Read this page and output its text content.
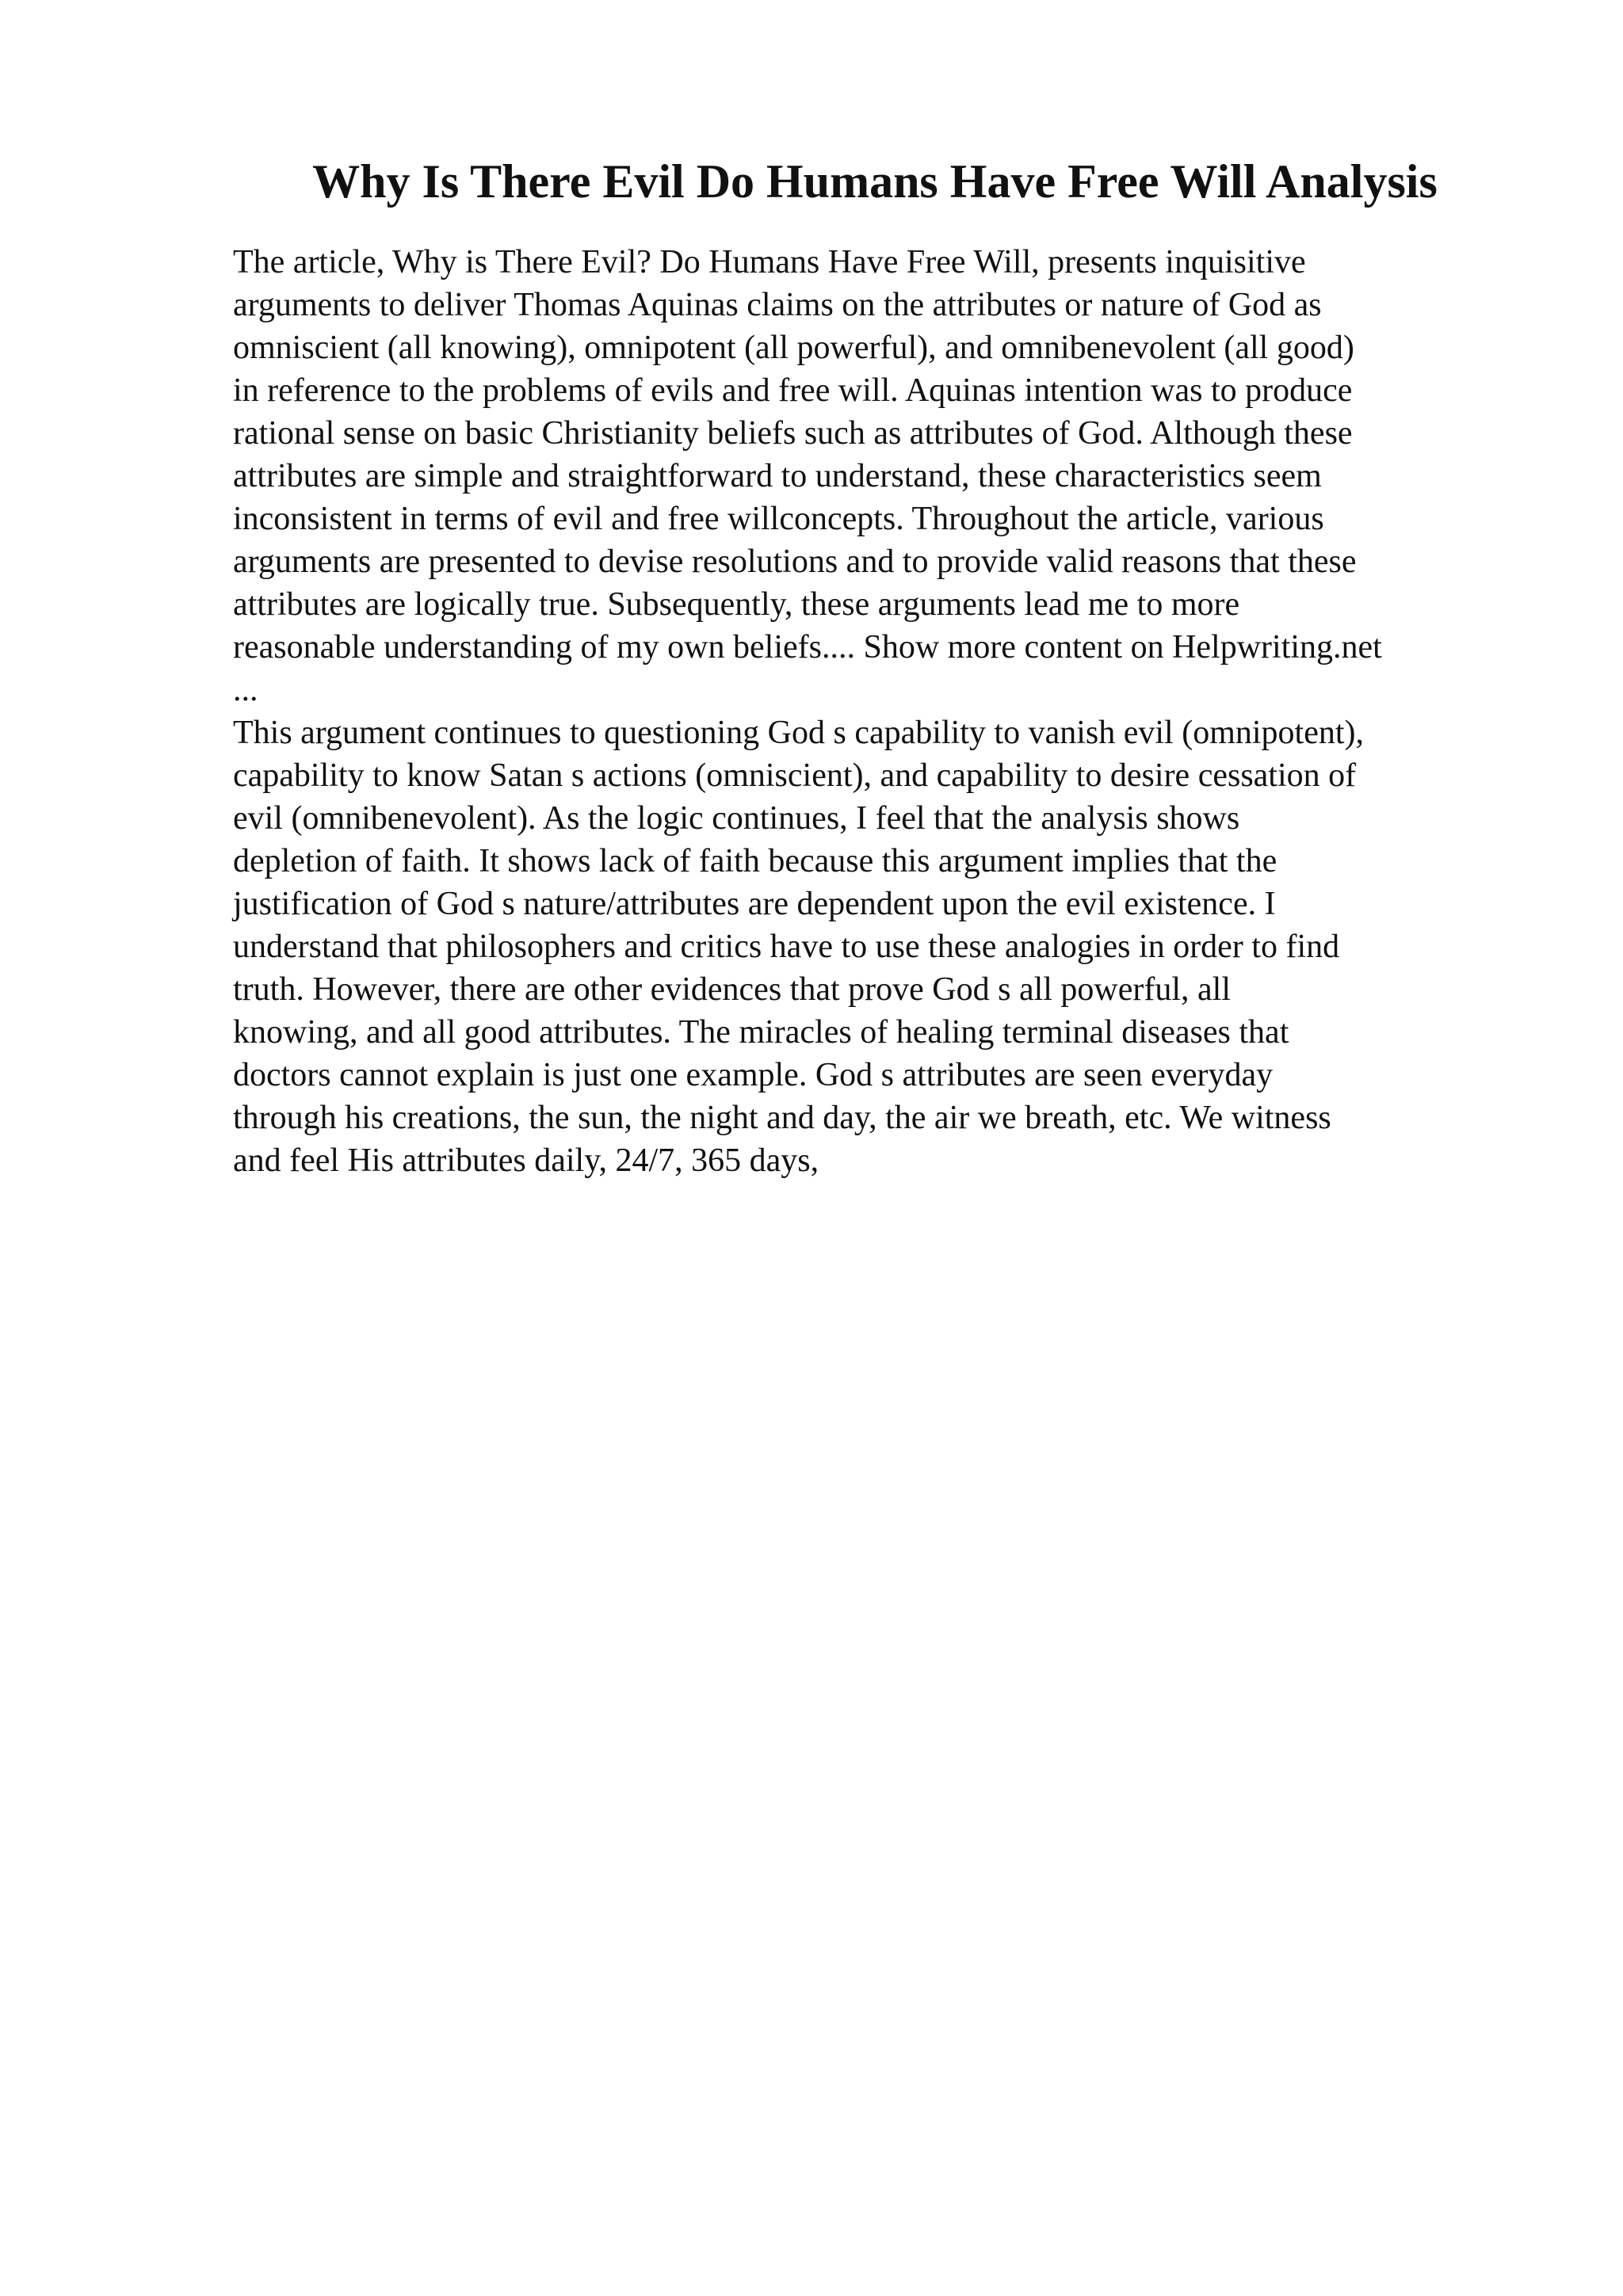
Why Is There Evil Do Humans Have Free Will Analysis
The article, Why is There Evil? Do Humans Have Free Will, presents inquisitive
arguments to deliver Thomas Aquinas claims on the attributes or nature of God as
omniscient (all knowing), omnipotent (all powerful), and omnibenevolent (all good)
in reference to the problems of evils and free will. Aquinas intention was to produce
rational sense on basic Christianity beliefs such as attributes of God. Although these
attributes are simple and straightforward to understand, these characteristics seem
inconsistent in terms of evil and free willconcepts. Throughout the article, various
arguments are presented to devise resolutions and to provide valid reasons that these
attributes are logically true. Subsequently, these arguments lead me to more
reasonable understanding of my own beliefs.... Show more content on Helpwriting.net
...
This argument continues to questioning God s capability to vanish evil (omnipotent),
capability to know Satan s actions (omniscient), and capability to desire cessation of
evil (omnibenevolent). As the logic continues, I feel that the analysis shows
depletion of faith. It shows lack of faith because this argument implies that the
justification of God s nature/attributes are dependent upon the evil existence. I
understand that philosophers and critics have to use these analogies in order to find
truth. However, there are other evidences that prove God s all powerful, all
knowing, and all good attributes. The miracles of healing terminal diseases that
doctors cannot explain is just one example. God s attributes are seen everyday
through his creations, the sun, the night and day, the air we breath, etc. We witness
and feel His attributes daily, 24/7, 365 days,
